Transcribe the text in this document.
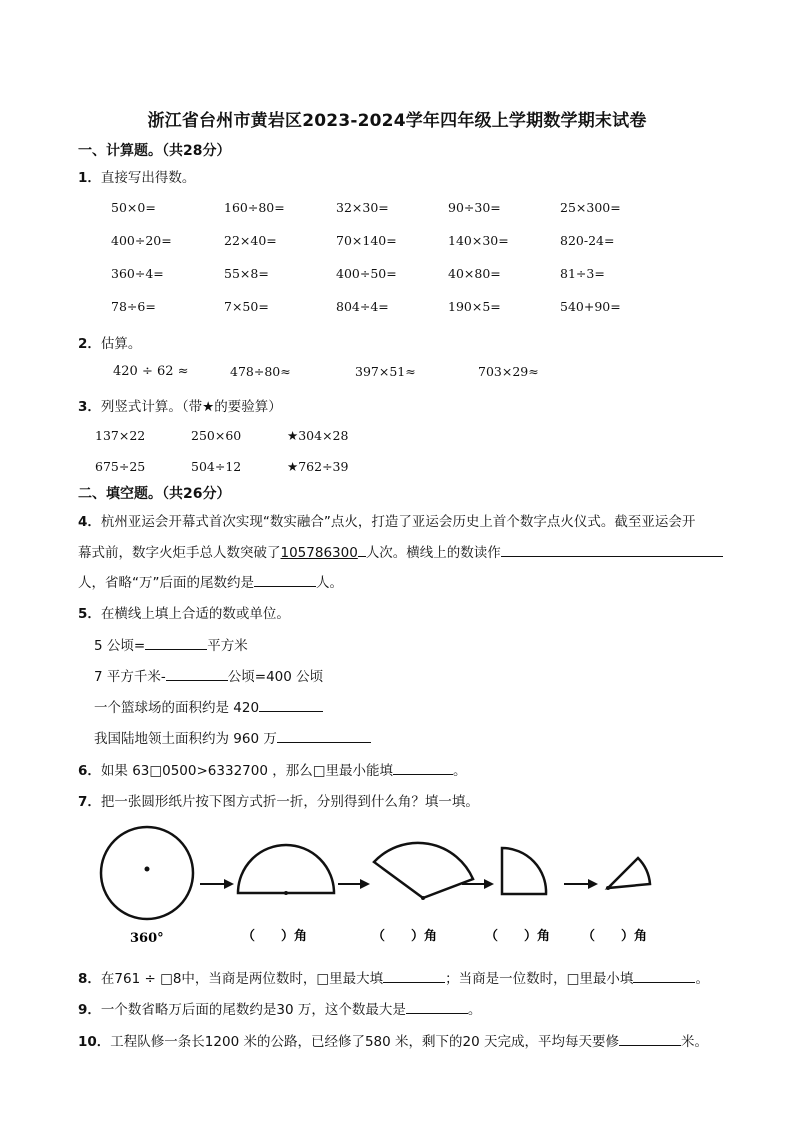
浙江省台州市黄岩区2023-2024学年四年级上学期数学期末试卷
一、计算题。（共28分）
1．直接写出得数。
50×0=	160÷80=	32×30=	90÷30=	25×300=
400÷20=	22×40=	70×140=	140×30=	820-24=
360÷4=	55×8=	400÷50=	40×80=	81÷3=
78÷6=	7×50=	804÷4=	190×5=	540+90=
2．估算。
420 ÷ 62 ≈	478÷80≈	397×51≈	703×29≈
3．列竖式计算。（带★的要验算）
137×22	250×60	★304×28
675÷25	504÷12	★762÷39
二、填空题。（共26分）
4．杭州亚运会开幕式首次实现“数实融合”点火，打造了亚运会历史上首个数字点火仪式。截至亚运会开
幕式前，数字火炬手总人数突破了105786300 人次。横线上的数读作
人，省略“万”后面的尾数约是	人。
5．在横线上填上合适的数或单位。
5 公顷=	平方米
7 平方千米-	公顷=400 公顷
一个篮球场的面积约是 420
我国陆地领土面积约为 960 万
6．如果 63□0500>6332700 ，那么□里最小能填	。
7．把一张圆形纸片按下图方式折一折，分别得到什么角？填一填。
360°	（　　）角	（　　）角	（　　）角 （　　）角
8．在761 ÷ □8中，当商是两位数时，□里最大填	；当商是一位数时，□里最小填	。
9．一个数省略万后面的尾数约是30 万，这个数最大是	。
10．工程队修一条长1200 米的公路，已经修了580 米，剩下的20 天完成，平均每天要修	米。
